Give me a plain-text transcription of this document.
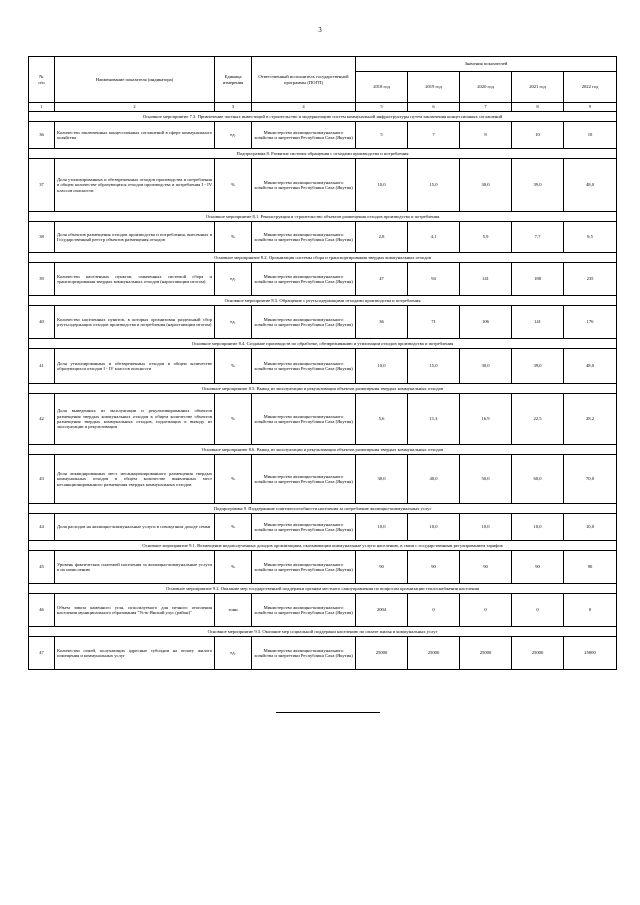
3
№
п/п	Наименование показателя (индикатора)	Единица измерения	Ответственный исполнитель государственной программы (ПОГП)	Значения показателей				
				2018 год	2019 год	2020 год	2021 год	2022 год
1	2	3	4	5	6	7	8	9
Основное мероприятие 7.3. Привлечение частных инвестиций в строительство и модернизацию систем коммунальной инфраструктуры путем заключения концессионных соглашений								
36	Количество заключенных концессионных соглашений в сфере коммунального хозяйства	ед.	Министерство жилищно-коммунального хозяйства и энергетики Республики Саха (Якутия)	5	7	8	10	10
Подпрограмма 8. Развитие системы обращения с отходами производства и потребления								
37	Доля утилизированных и обезвреженных отходов производства и потребления в общем количестве образующихся отходов производства и потребления I - IV классов опасности	%	Министерство жилищно-коммунального хозяйства и энергетики Республики Саха (Якутия)	10,0	15,0	30,0	39,0	48,0
Основное мероприятие 8.1. Реконструкция и строительство объектов размещения отходов производства и потребления								
38	Доля объектов размещения отходов производства и потребления, внесенных в Государственный реестр объектов размещения отходов	%	Министерство жилищно-коммунального хозяйства и энергетики Республики Саха (Якутия)	2,8	4,1	5,9	7,7	9,5
Основное мероприятие 8.2. Организация системы сбора и транспортирования твердых коммунальных отходов								
39	Количество населенных пунктов, охваченных системой сбора и транспортирования твердых коммунальных отходов (нарастающим итогом)	ед.	Министерство жилищно-коммунального хозяйства и энергетики Республики Саха (Якутия)	47	94	141	188	235
Основное мероприятие 8.3. Обращение с ртутьсодержащими отходами производства и потребления								
40	Количество населенных пунктов, в которых организован раздельный сбор ртутьсодержащих отходов производства и потребления (нарастающим итогом)	ед.	Министерство жилищно-коммунального хозяйства и энергетики Республики Саха (Якутия)	36	71	106	141	176
Основное мероприятие 8.4. Создание производств по обработке, обезвреживанию и утилизации отходов производства и потребления								
41	Доля утилизированных и обезвреженных отходов в общем количестве образующихся отходов I - IV классов опасности	%	Министерство жилищно-коммунального хозяйства и энергетики Республики Саха (Якутия)	10,0	15,0	30,0	39,0	48,0
Основное мероприятие 8.5. Вывод из эксплуатации и рекультивация объектов размещения твердых коммунальных отходов								
42	Доля выведенных из эксплуатации и рекультивированных объектов размещения твердых коммунальных отходов в общем количестве объектов размещения твердых коммунальных отходов, подлежащих к выводу из эксплуатации и рекультивации	%	Министерство жилищно-коммунального хозяйства и энергетики Республики Саха (Якутия)	5,6	11,3	16,9	22,5	28,2
Основное мероприятие 8.6. Вывод из эксплуатации и рекультивация объектов размещения твердых коммунальных отходов								
43	Доля ликвидированных мест несанкционированного размещения твердых коммунальных отходов в общем количестве выявленных мест несанкционированного размещения твердых коммунальных отходов	%	Министерство жилищно-коммунального хозяйства и энергетики Республики Саха (Якутия)	30,0	40,0	50,0	60,0	70,0
Подпрограмма 9. Поддержание платежеспособности населения за потребление жилищно-коммунальных услуг								
44	Доля расходов на жилищно-коммунальные услуги в совокупном доходе семьи	%	Министерство жилищно-коммунального хозяйства и энергетики Республики Саха (Якутия)	10,0	10,0	10,0	10,0	10,0
Основное мероприятие 9.1. Возмещение недополученных доходов организациям, оказывающим коммунальные услуги населению, в связи с государственным регулированием тарифов								
45	Уровень фактических платежей населения за жилищно-коммунальные услуги к их начислению	%	Министерство жилищно-коммунального хозяйства и энергетики Республики Саха (Якутия)	90	90	90	90	90
Основное мероприятие 9.2. Оказание мер государственной поддержки органам местного самоуправления по вопросам организации теплоснабжения населения								
46	Объем завоза каменного угля, используемого для печного отопления населения муниципального образования "Усть-Янский улус (район)"	тонн	Министерство жилищно-коммунального хозяйства и энергетики Республики Саха (Якутия)	2004	0	0	0	0
Основное мероприятие 9.3. Оказание мер социальной поддержки населению по оплате жилья и коммунальных услуг								
47	Количество семей, получающих адресные субсидии на оплату жилого помещения и коммунальных услуг	ед.	Министерство жилищно-коммунального хозяйства и энергетики Республики Саха (Якутия)	25000	25000	25000	25000	25000
